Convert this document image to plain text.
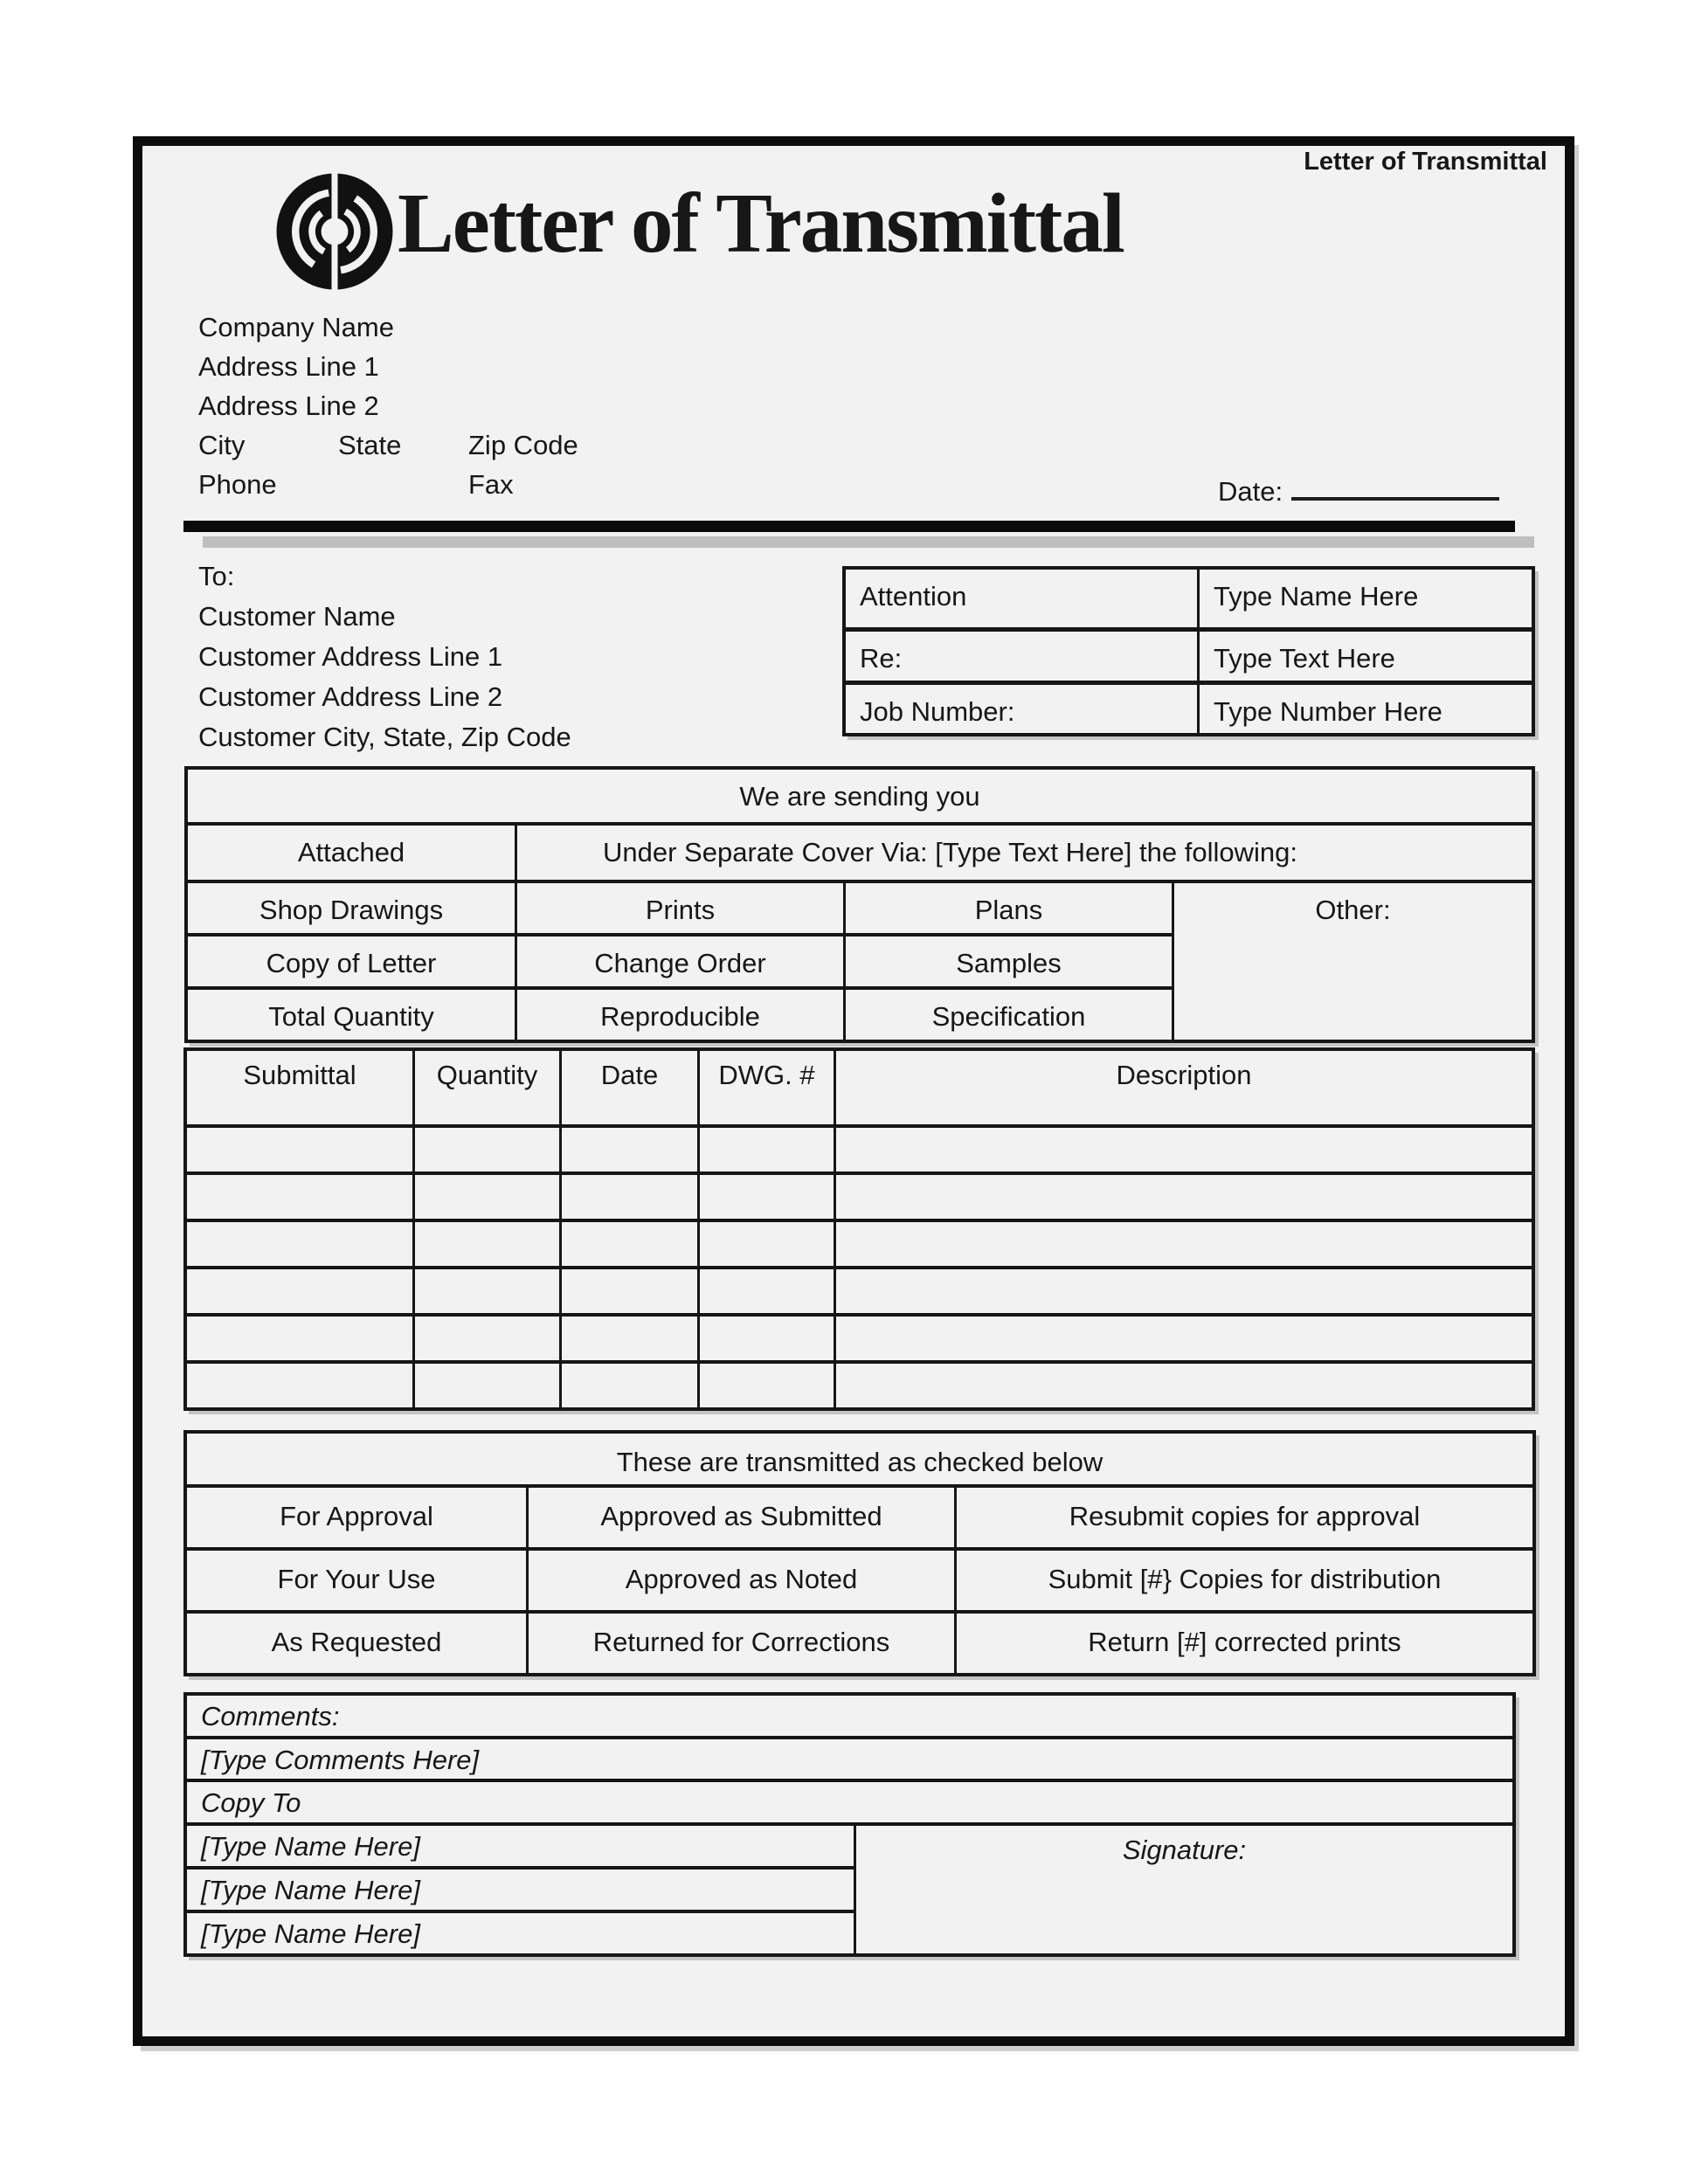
Letter of Transmittal
Letter of Transmittal
Company Name
Address Line 1
Address Line 2
City	State Zip Code
Phone	Fax	Date:
To:
Customer Name
Customer Address Line 1
Customer Address Line 2
Customer City, State, Zip Code
Attention	Type Name Here
Re:	Type Text Here
Job Number:	Type Number Here
We are sending you
Attached	Under Separate Cover Via: [Type Text Here] the following:
Shop Drawings	Prints	Plans	Other:
Copy of Letter	Change Order	Samples
Total Quantity	Reproducible	Specification
Submittal	Quantity	Date	DWG. #	Description
These are transmitted as checked below
For Approval	Approved as Submitted	Resubmit copies for approval
For Your Use	Approved as Noted	Submit [#} Copies for distribution
As Requested	Returned for Corrections	Return [#] corrected prints
Comments:
[Type Comments Here]
Copy To
[Type Name Here]	Signature:
[Type Name Here]
[Type Name Here]
